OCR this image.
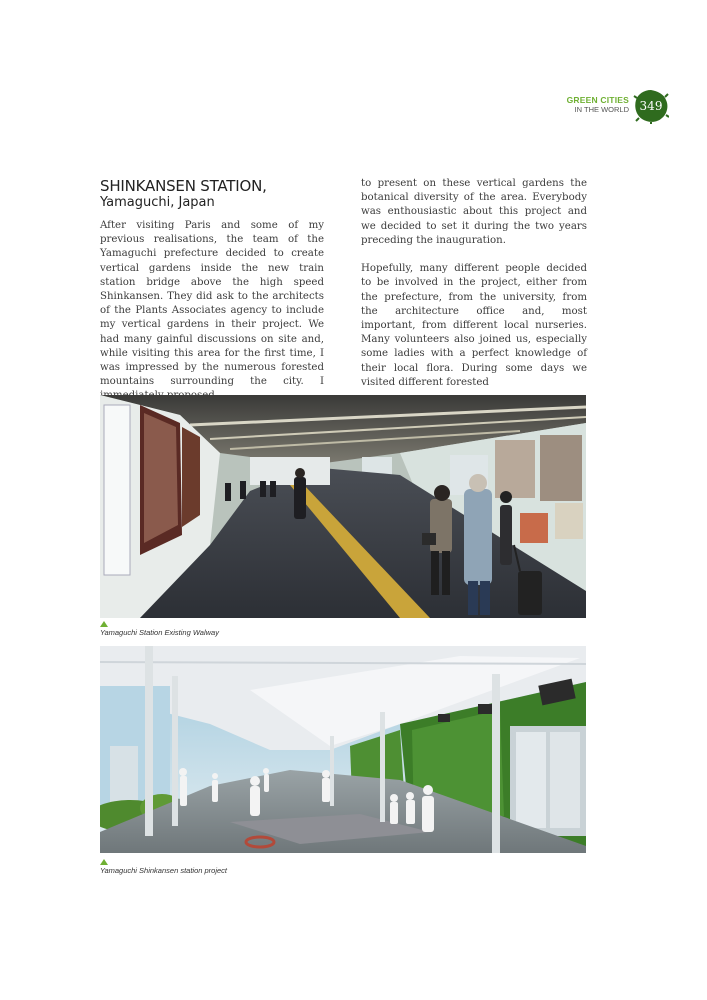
GREEN CITIES
IN THE WORLD 349
SHINKANSEN STATION,
Yamaguchi, Japan

After visiting Paris and some of my previous realisations, the team of the Yamaguchi prefecture decided to create vertical gardens inside the new train station bridge above the high speed Shinkansen. They did ask to the architects of the Plants Associates agency to include my vertical gardens in their project. We had many gainful discussions on site and, while visiting this area for the first time, I was impressed by the numerous forested mountains surrounding the city. I

to present on these vertical gardens the botanical diversity of the area. Everybody was enthousiastic about this project and we decided to set it during the two years preceding the inauguration.

Hopefully, many different people decided to be involved in the project, either from the prefecture, from the university, from the architecture office and, most important, from different local nurseries. Many volunteers also joined us, especially some ladies with a perfect knowledge of their local flora. During some days we visited different forested

Yamaguchi Station Existing Walway
Yamaguchi Shinkansen station project
